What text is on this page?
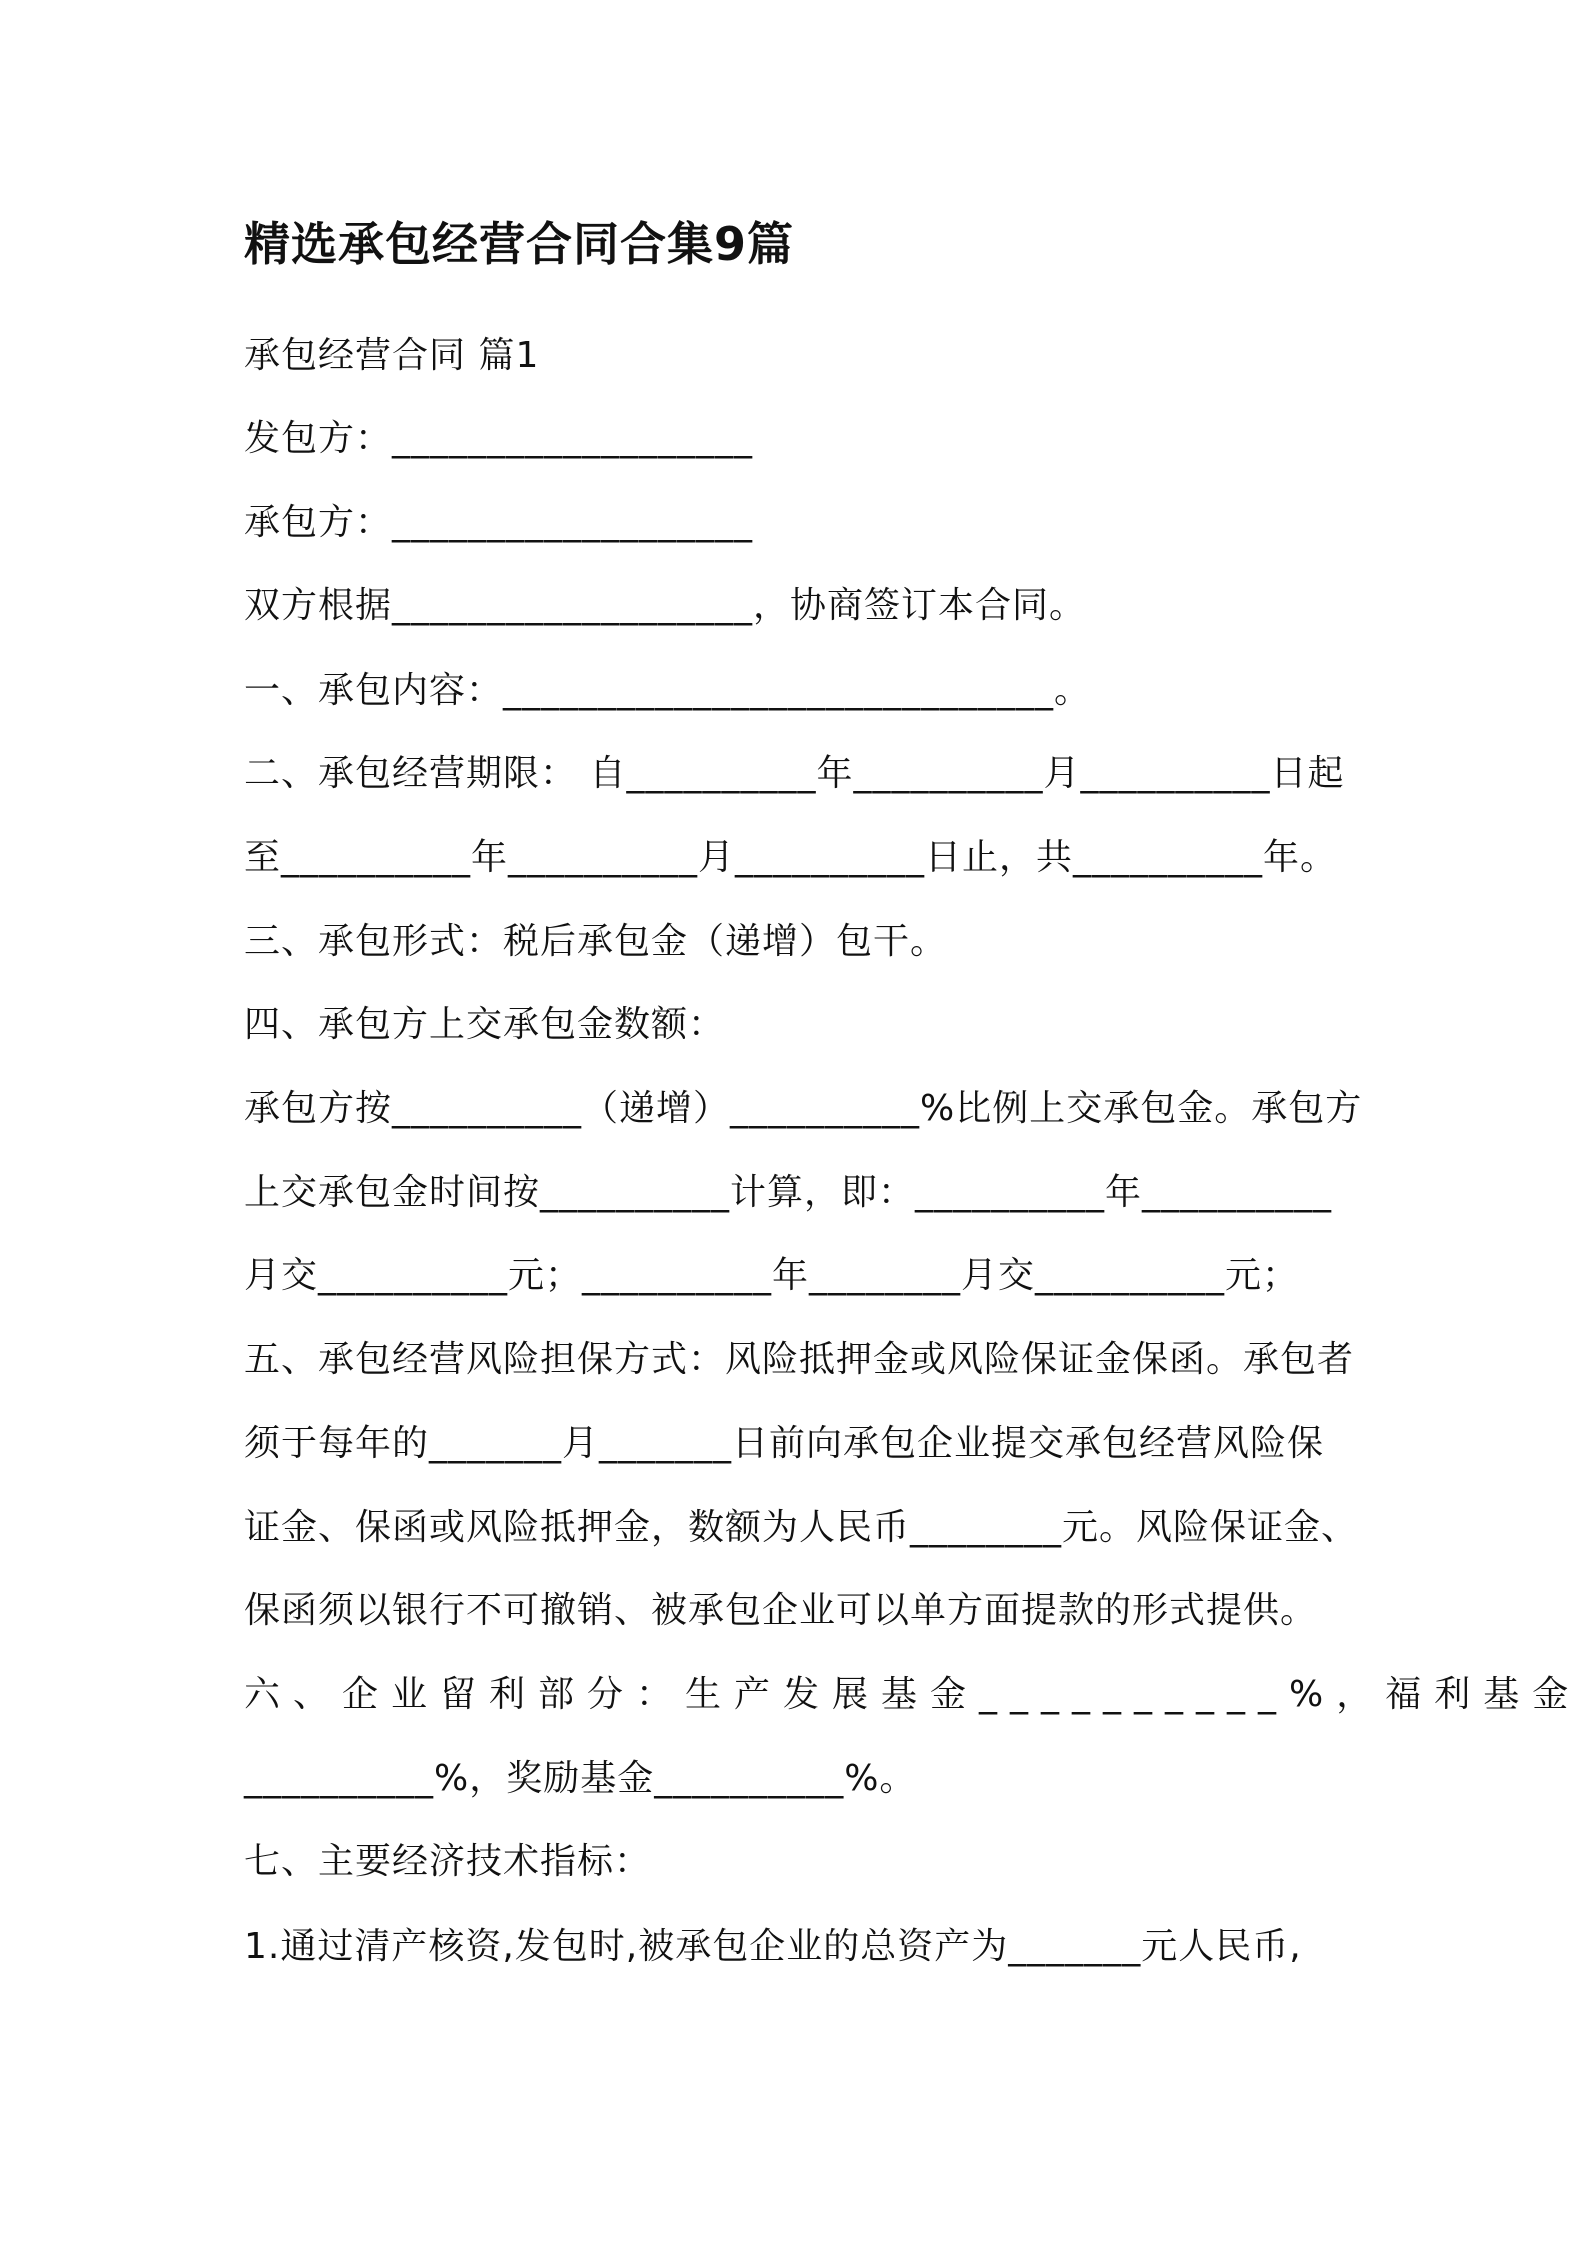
精选承包经营合同合集9篇
承包经营合同 篇1
发包方：___________________
承包方：___________________
双方根据___________________，协商签订本合同。
一、承包内容：_____________________________。
二、承包经营期限： 自__________年__________月__________日起
至__________年__________月__________日止，共__________年。
三、承包形式：税后承包金（递增）包干。
四、承包方上交承包金数额：
承包方按__________（递增）__________%比例上交承包金。承包方
上交承包金时间按__________计算，即：__________年__________
月交__________元；__________年________月交__________元；
五、承包经营风险担保方式：风险抵押金或风险保证金保函。承包者
须于每年的_______月_______日前向承包企业提交承包经营风险保
证金、保函或风险抵押金，数额为人民币________元。风险保证金、
保函须以银行不可撤销、被承包企业可以单方面提款的形式提供。
六、企业留利部分：生产发展基金__________%，福利基金
__________%，奖励基金__________%。
七、主要经济技术指标：
1.通过清产核资,发包时,被承包企业的总资产为_______元人民币,
